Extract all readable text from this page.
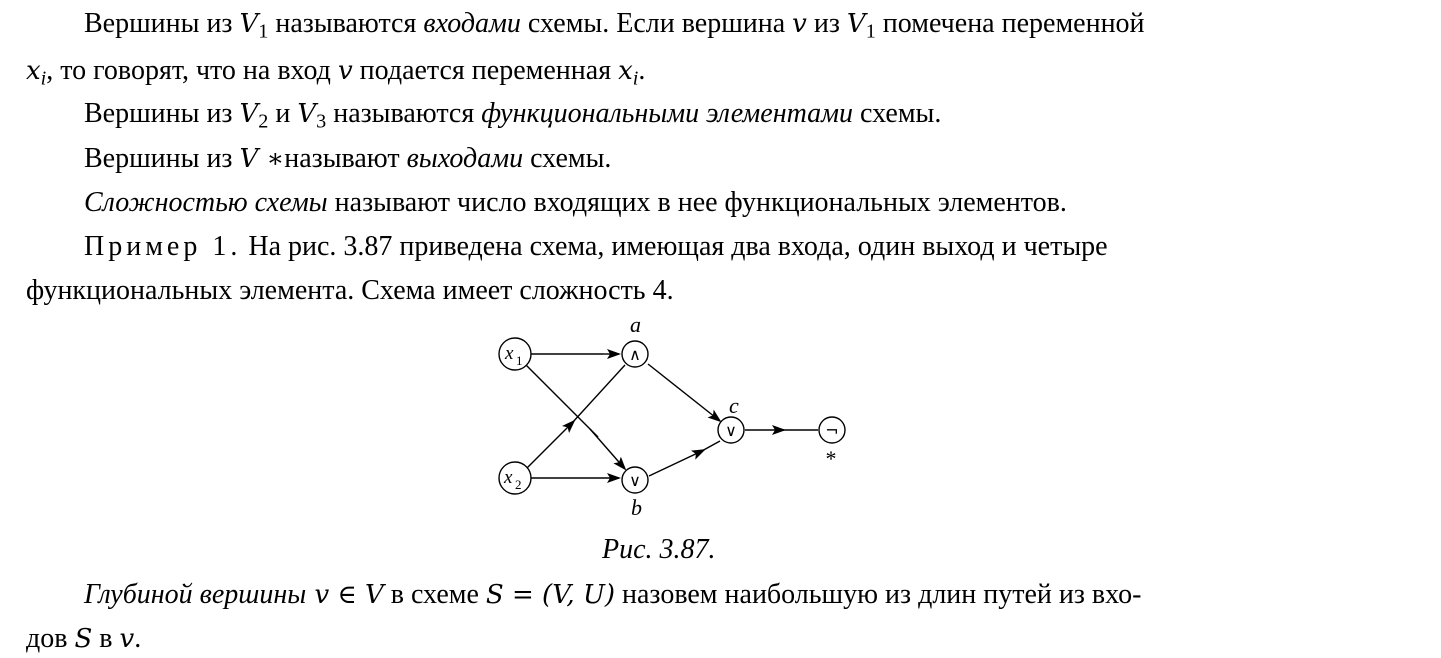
Вершины из $V_1$ называются входами схемы. Если вершина v из $V_1$ помечена переменной
$x_i$, то говорят, что на вход v подается переменная $x_i$.
Вершины из $V_2$ и $V_3$ называются функциональными элементами схемы.
Вершины из V ∗называют выходами схемы.
Сложностью схемы называют число входящих в нее функциональных элементов.
Пример 1. На рис. 3.87 приведена схема, имеющая два входа, один выход и четыре
функциональных элемента. Схема имеет сложность 4.
x 1
x 2
∧
a
∨
b
∨
c
¬
*
Рис. 3.87.
Глубиной вершины v ∈ V в схеме S = (V, U) назовем наибольшую из длин путей из вхо-
дов S в v.
